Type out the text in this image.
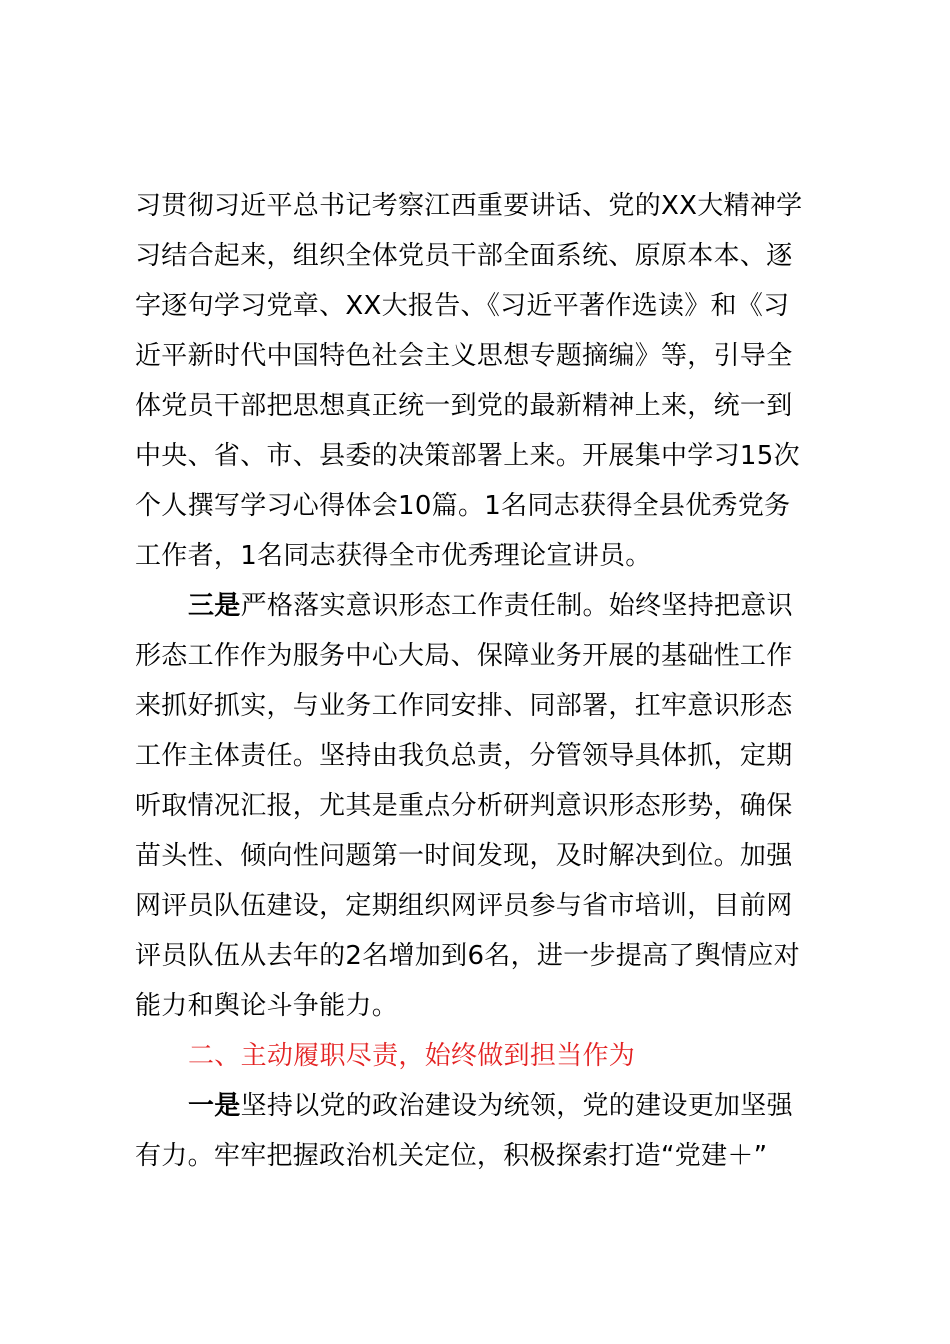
习贯彻习近平总书记考察江西重要讲话、党的XX大精神学
习结合起来，组织全体党员干部全面系统、原原本本、逐
字逐句学习党章、XX大报告、《习近平著作选读》和《习
近平新时代中国特色社会主义思想专题摘编》等，引导全
体党员干部把思想真正统一到党的最新精神上来，统一到
中央、省、市、县委的决策部署上来。开展集中学习15次
个人撰写学习心得体会10篇。1名同志获得全县优秀党务
工作者，1名同志获得全市优秀理论宣讲员。
三是严格落实意识形态工作责任制。始终坚持把意识
形态工作作为服务中心大局、保障业务开展的基础性工作
来抓好抓实，与业务工作同安排、同部署，扛牢意识形态
工作主体责任。坚持由我负总责，分管领导具体抓，定期
听取情况汇报，尤其是重点分析研判意识形态形势，确保
苗头性、倾向性问题第一时间发现，及时解决到位。加强
网评员队伍建设，定期组织网评员参与省市培训，目前网
评员队伍从去年的2名增加到6名，进一步提高了舆情应对
能力和舆论斗争能力。
二、主动履职尽责，始终做到担当作为
一是坚持以党的政治建设为统领，党的建设更加坚强
有力。牢牢把握政治机关定位，积极探索打造“党建＋”
